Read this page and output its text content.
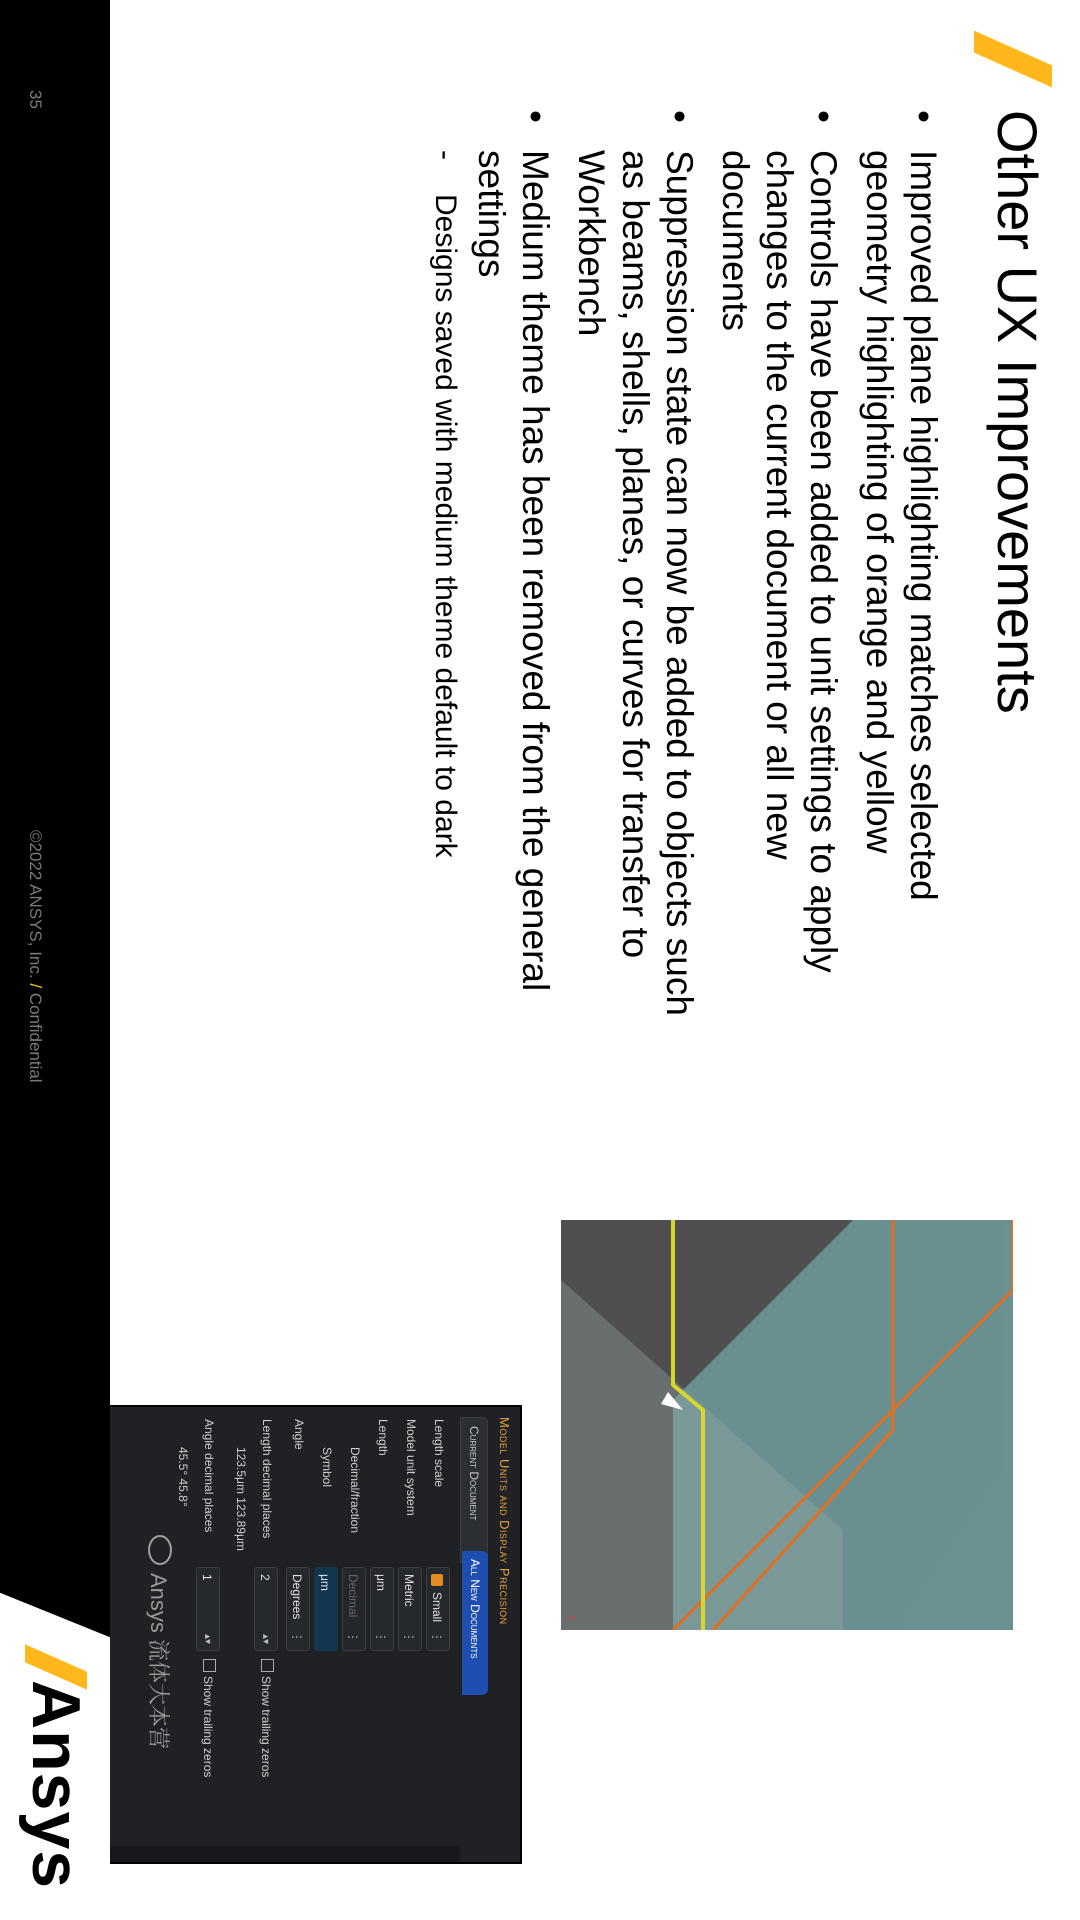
Other UX Improvements
•
Improved plane highlighting matches selected geometry highlighting of orange and yellow
•
Controls have been added to unit settings to apply changes to the current document or all new documents
•
Suppression state can now be added to objects such as beams, shells, planes, or curves for transfer to Workbench
•
Medium theme has been removed from the general settings
-
Designs saved with medium theme default to dark
×
Model Units and Display Precision
Current Document
All New Documents
Length scale
Small
⋮
Model unit system
Metric
⋮
Length
μm
⋮
Decimal/fraction
Decimal
⋮
Symbol
μm
Angle
Degrees
⋮
Length decimal places
2
▴▾
Show trailing zeros
123.5μm 123.89μm
Angle decimal places
1
▴▾
Show trailing zeros
45.5° 45.8°
Ansys 流体大本营
35
©2022 ANSYS, Inc. / Confidential
Ansys
